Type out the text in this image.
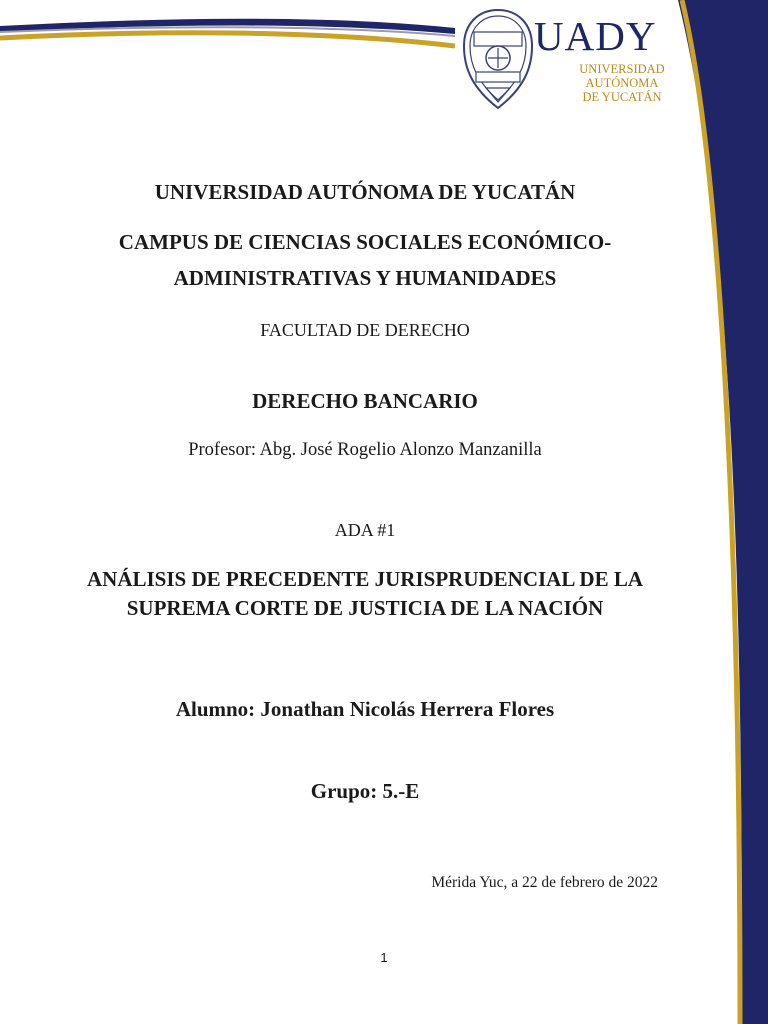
UADY
UNIVERSIDAD
AUTÓNOMA
DE YUCATÁN

UNIVERSIDAD AUTÓNOMA DE YUCATÁN

CAMPUS DE CIENCIAS SOCIALES ECONÓMICO-

ADMINISTRATIVAS Y HUMANIDADES

FACULTAD DE DERECHO

DERECHO BANCARIO

Profesor: Abg. José Rogelio Alonzo Manzanilla

ADA #1

ANÁLISIS DE PRECEDENTE JURISPRUDENCIAL DE LA

SUPREMA CORTE DE JUSTICIA DE LA NACIÓN

Alumno: Jonathan Nicolás Herrera Flores

Grupo: 5.-E

Mérida Yuc, a 22 de febrero de 2022

1
